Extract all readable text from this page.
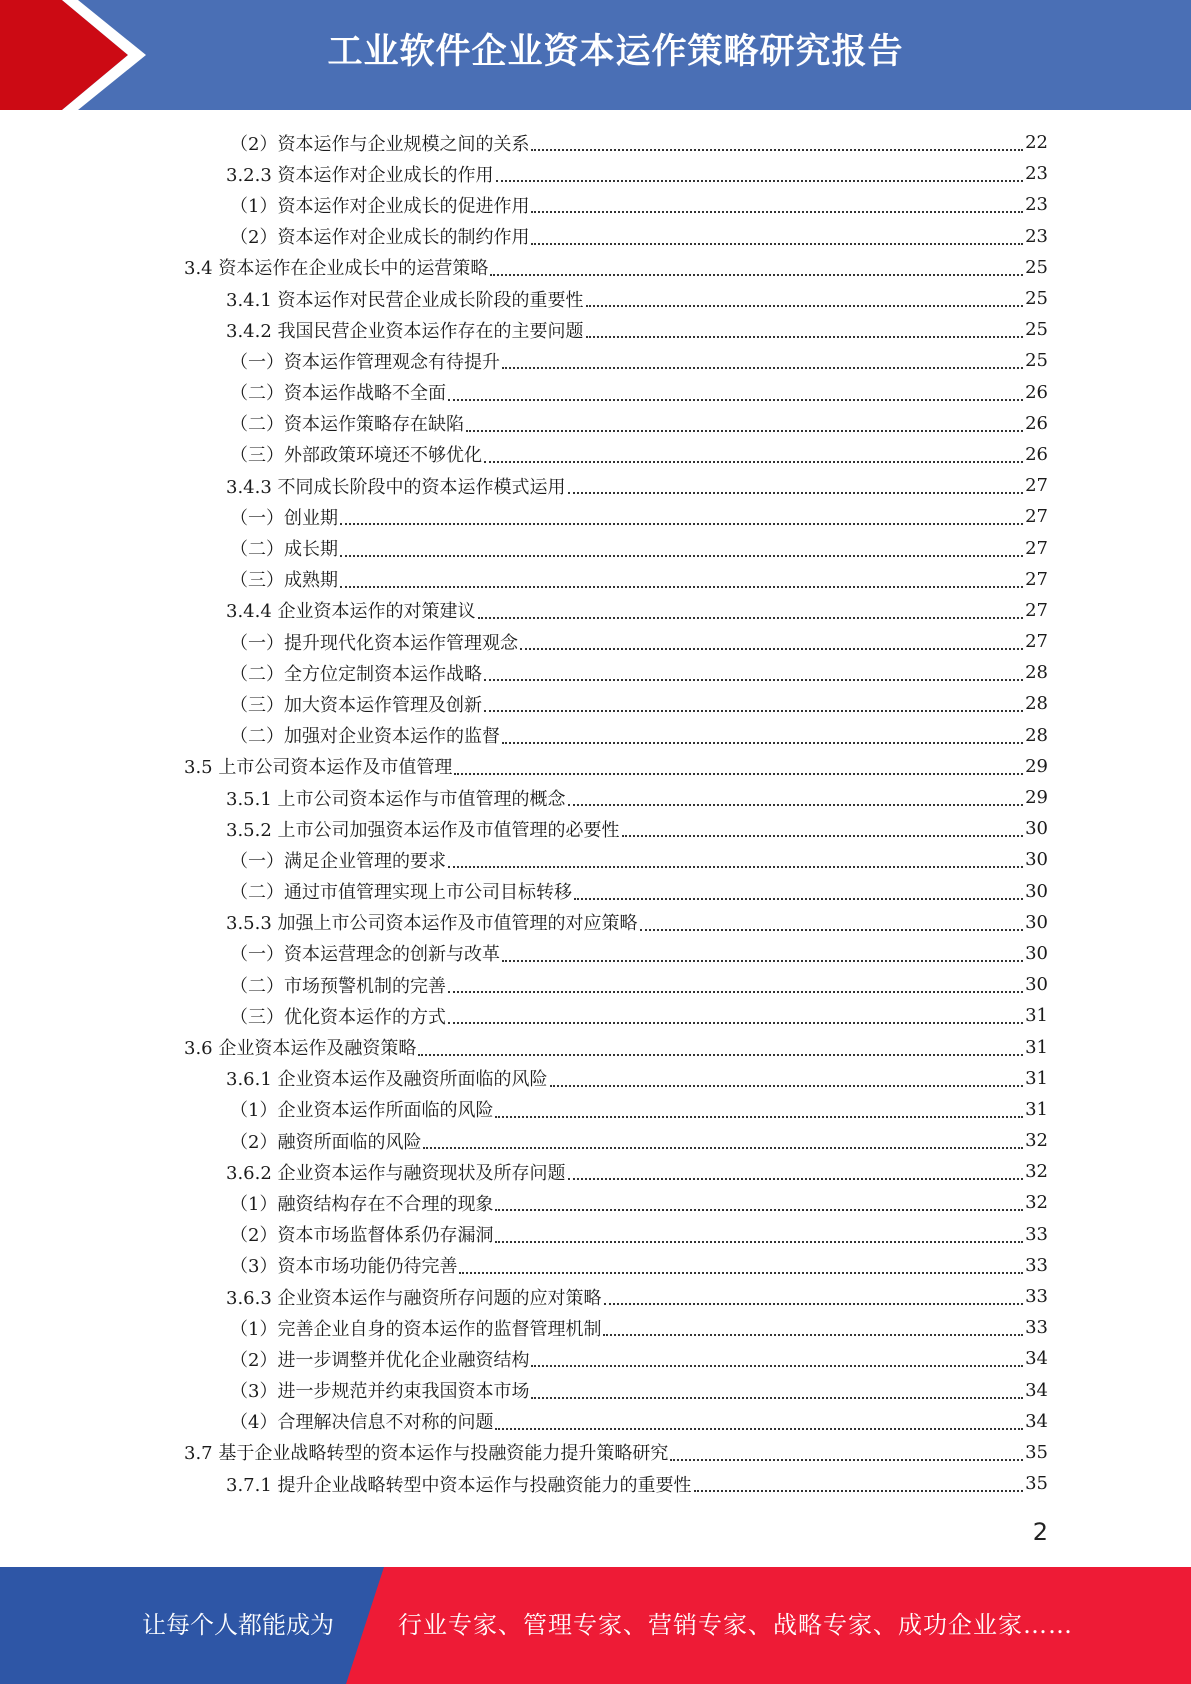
工业软件企业资本运作策略研究报告
（2）资本运作与企业规模之间的关系	22
3.2.3 资本运作对企业成长的作用	23
（1）资本运作对企业成长的促进作用	23
（2）资本运作对企业成长的制约作用	23
3.4 资本运作在企业成长中的运营策略	25
3.4.1 资本运作对民营企业成长阶段的重要性	25
3.4.2 我国民营企业资本运作存在的主要问题	25
（一）资本运作管理观念有待提升	25
（二）资本运作战略不全面	26
（二）资本运作策略存在缺陷	26
（三）外部政策环境还不够优化	26
3.4.3 不同成长阶段中的资本运作模式运用	27
（一）创业期	27
（二）成长期	27
（三）成熟期	27
3.4.4 企业资本运作的对策建议	27
（一）提升现代化资本运作管理观念	27
（二）全方位定制资本运作战略	28
（三）加大资本运作管理及创新	28
（二）加强对企业资本运作的监督	28
3.5 上市公司资本运作及市值管理	29
3.5.1 上市公司资本运作与市值管理的概念	29
3.5.2 上市公司加强资本运作及市值管理的必要性	30
（一）满足企业管理的要求	30
（二）通过市值管理实现上市公司目标转移	30
3.5.3 加强上市公司资本运作及市值管理的对应策略	30
（一）资本运营理念的创新与改革	30
（二）市场预警机制的完善	30
（三）优化资本运作的方式	31
3.6 企业资本运作及融资策略	31
3.6.1 企业资本运作及融资所面临的风险	31
（1）企业资本运作所面临的风险	31
（2）融资所面临的风险	32
3.6.2 企业资本运作与融资现状及所存问题	32
（1）融资结构存在不合理的现象	32
（2）资本市场监督体系仍存漏洞	33
（3）资本市场功能仍待完善	33
3.6.3 企业资本运作与融资所存问题的应对策略	33
（1）完善企业自身的资本运作的监督管理机制	33
（2）进一步调整并优化企业融资结构	34
（3）进一步规范并约束我国资本市场	34
（4）合理解决信息不对称的问题	34
3.7 基于企业战略转型的资本运作与投融资能力提升策略研究	35
3.7.1 提升企业战略转型中资本运作与投融资能力的重要性	35
2
让每个人都能成为	行业专家、管理专家、营销专家、战略专家、成功企业家……
